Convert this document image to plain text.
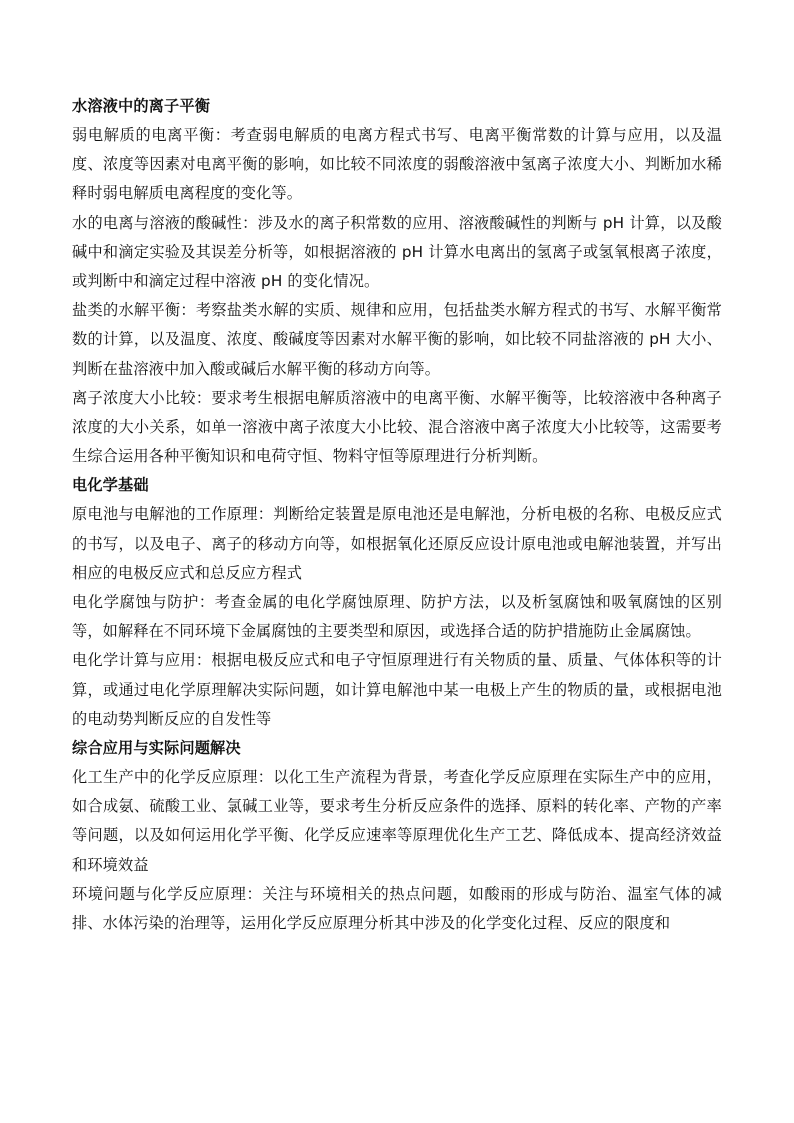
水溶液中的离子平衡

弱电解质的电离平衡：考查弱电解质的电离方程式书写、电离平衡常数的计算与应用，以及温度、浓度等因素对电离平衡的影响，如比较不同浓度的弱酸溶液中氢离子浓度大小、判断加水稀释时弱电解质电离程度的变化等。

水的电离与溶液的酸碱性：涉及水的离子积常数的应用、溶液酸碱性的判断与 pH 计算，以及酸碱中和滴定实验及其误差分析等，如根据溶液的 pH 计算水电离出的氢离子或氢氧根离子浓度，或判断中和滴定过程中溶液 pH 的变化情况。

盐类的水解平衡：考察盐类水解的实质、规律和应用，包括盐类水解方程式的书写、水解平衡常数的计算，以及温度、浓度、酸碱度等因素对水解平衡的影响，如比较不同盐溶液的 pH 大小、判断在盐溶液中加入酸或碱后水解平衡的移动方向等。

离子浓度大小比较：要求考生根据电解质溶液中的电离平衡、水解平衡等，比较溶液中各种离子浓度的大小关系，如单一溶液中离子浓度大小比较、混合溶液中离子浓度大小比较等，这需要考生综合运用各种平衡知识和电荷守恒、物料守恒等原理进行分析判断。

电化学基础

原电池与电解池的工作原理：判断给定装置是原电池还是电解池，分析电极的名称、电极反应式的书写，以及电子、离子的移动方向等，如根据氧化还原反应设计原电池或电解池装置，并写出相应的电极反应式和总反应方程式

电化学腐蚀与防护：考查金属的电化学腐蚀原理、防护方法，以及析氢腐蚀和吸氧腐蚀的区别等，如解释在不同环境下金属腐蚀的主要类型和原因，或选择合适的防护措施防止金属腐蚀。

电化学计算与应用：根据电极反应式和电子守恒原理进行有关物质的量、质量、气体体积等的计算，或通过电化学原理解决实际问题，如计算电解池中某一电极上产生的物质的量，或根据电池的电动势判断反应的自发性等

综合应用与实际问题解决

化工生产中的化学反应原理：以化工生产流程为背景，考查化学反应原理在实际生产中的应用，如合成氨、硫酸工业、氯碱工业等，要求考生分析反应条件的选择、原料的转化率、产物的产率等问题，以及如何运用化学平衡、化学反应速率等原理优化生产工艺、降低成本、提高经济效益和环境效益

环境问题与化学反应原理：关注与环境相关的热点问题，如酸雨的形成与防治、温室气体的减排、水体污染的治理等，运用化学反应原理分析其中涉及的化学变化过程、反应的限度和
